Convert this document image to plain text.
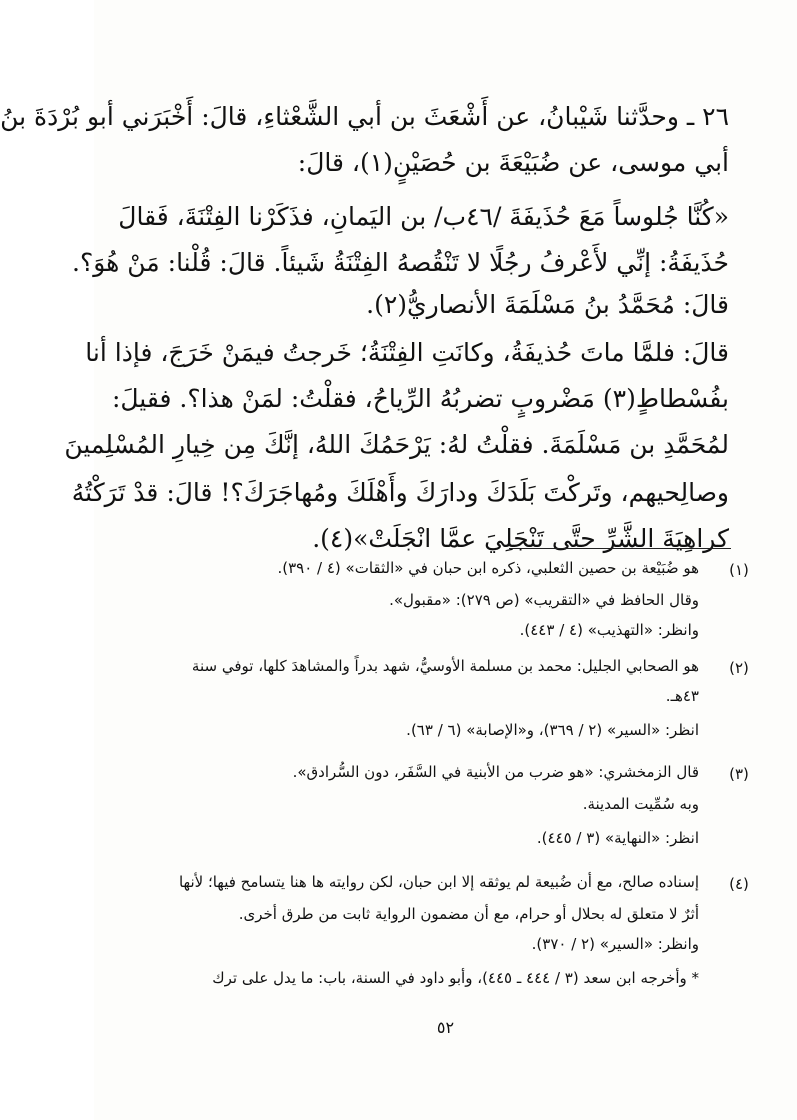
٢٦ ـ وحدَّثنا شَيْبانُ، عن أَشْعَثَ بن أبي الشَّعْثاءِ، قالَ: أَخْبَرَني أبو بُرْدَةَ بنُ

أبي موسى، عن ضُبَيْعَةَ بن حُصَيْنٍ(١)، قالَ:

«كُنَّا جُلوساً مَعَ حُذَيفَةَ /٤٦ب/ بن اليَمانِ، فذَكَرْنا الفِتْنَةَ، فَقالَ

حُذَيفَةُ: إنِّي لأَعْرفُ رجُلًا لا تَنْقُصهُ الفِتْنَةُ شَيئاً. قالَ: قُلْنا: مَنْ هُوَ؟.

قالَ: مُحَمَّدُ بنُ مَسْلَمَةَ الأنصاريُّ(٢).

قالَ: فلمَّا ماتَ حُذيفَةُ، وكانَتِ الفِتْنَةُ؛ خَرجتُ فيمَنْ خَرَجَ، فإذا أنا

بفُسْطاطٍ(٣) مَضْروبٍ تضربُهُ الرِّياحُ، فقلْتُ: لمَنْ هذا؟. فقيلَ:

لمُحَمَّدِ بن مَسْلَمَةَ. فقلْتُ لهُ: يَرْحَمُكَ اللهُ، إنَّكَ مِن خِيارِ المُسْلِمينَ

وصالِحيهم، وتَركْتَ بَلَدَكَ ودارَكَ وأَهْلَكَ ومُهاجَرَكَ؟! قالَ: قدْ تَرَكْتُهُ

كراهِيَةَ الشَّرِّ حتَّى تَنْجَلِيَ عمَّا انْجَلَتْ»(٤).

(١)
هو ضُبَيْعة بن حصين الثعلبي، ذكره ابن حبان في «الثقات» (٤ / ٣٩٠).
وقال الحافظ في «التقريب» (ص ٢٧٩): «مقبول».
وانظر: «التهذيب» (٤ / ٤٤٣).
(٢)
هو الصحابي الجليل: محمد بن مسلمة الأوسيُّ، شهد بدراً والمشاهدَ كلها، توفي سنة
٤٣هـ.
انظر: «السير» (٢ / ٣٦٩)، و«الإصابة» (٦ / ٦٣).
(٣)
قال الزمخشري: «هو ضرب من الأبنية في السَّفَر، دون السُّرادق».
وبه سُمِّيت المدينة.
انظر: «النهاية» (٣ / ٤٤٥).
(٤)
إسناده صالح، مع أن ضُبيعة لم يوثقه إلا ابن حبان، لكن روايته ها هنا يتسامح فيها؛ لأنها
أثرٌ لا متعلق له بحلال أو حرام، مع أن مضمون الرواية ثابت من طرق أخرى.
وانظر: «السير» (٢ / ٣٧٠).
* وأخرجه ابن سعد (٣ / ٤٤٤ ـ ٤٤٥)، وأبو داود في السنة، باب: ما يدل على ترك
٥٢
